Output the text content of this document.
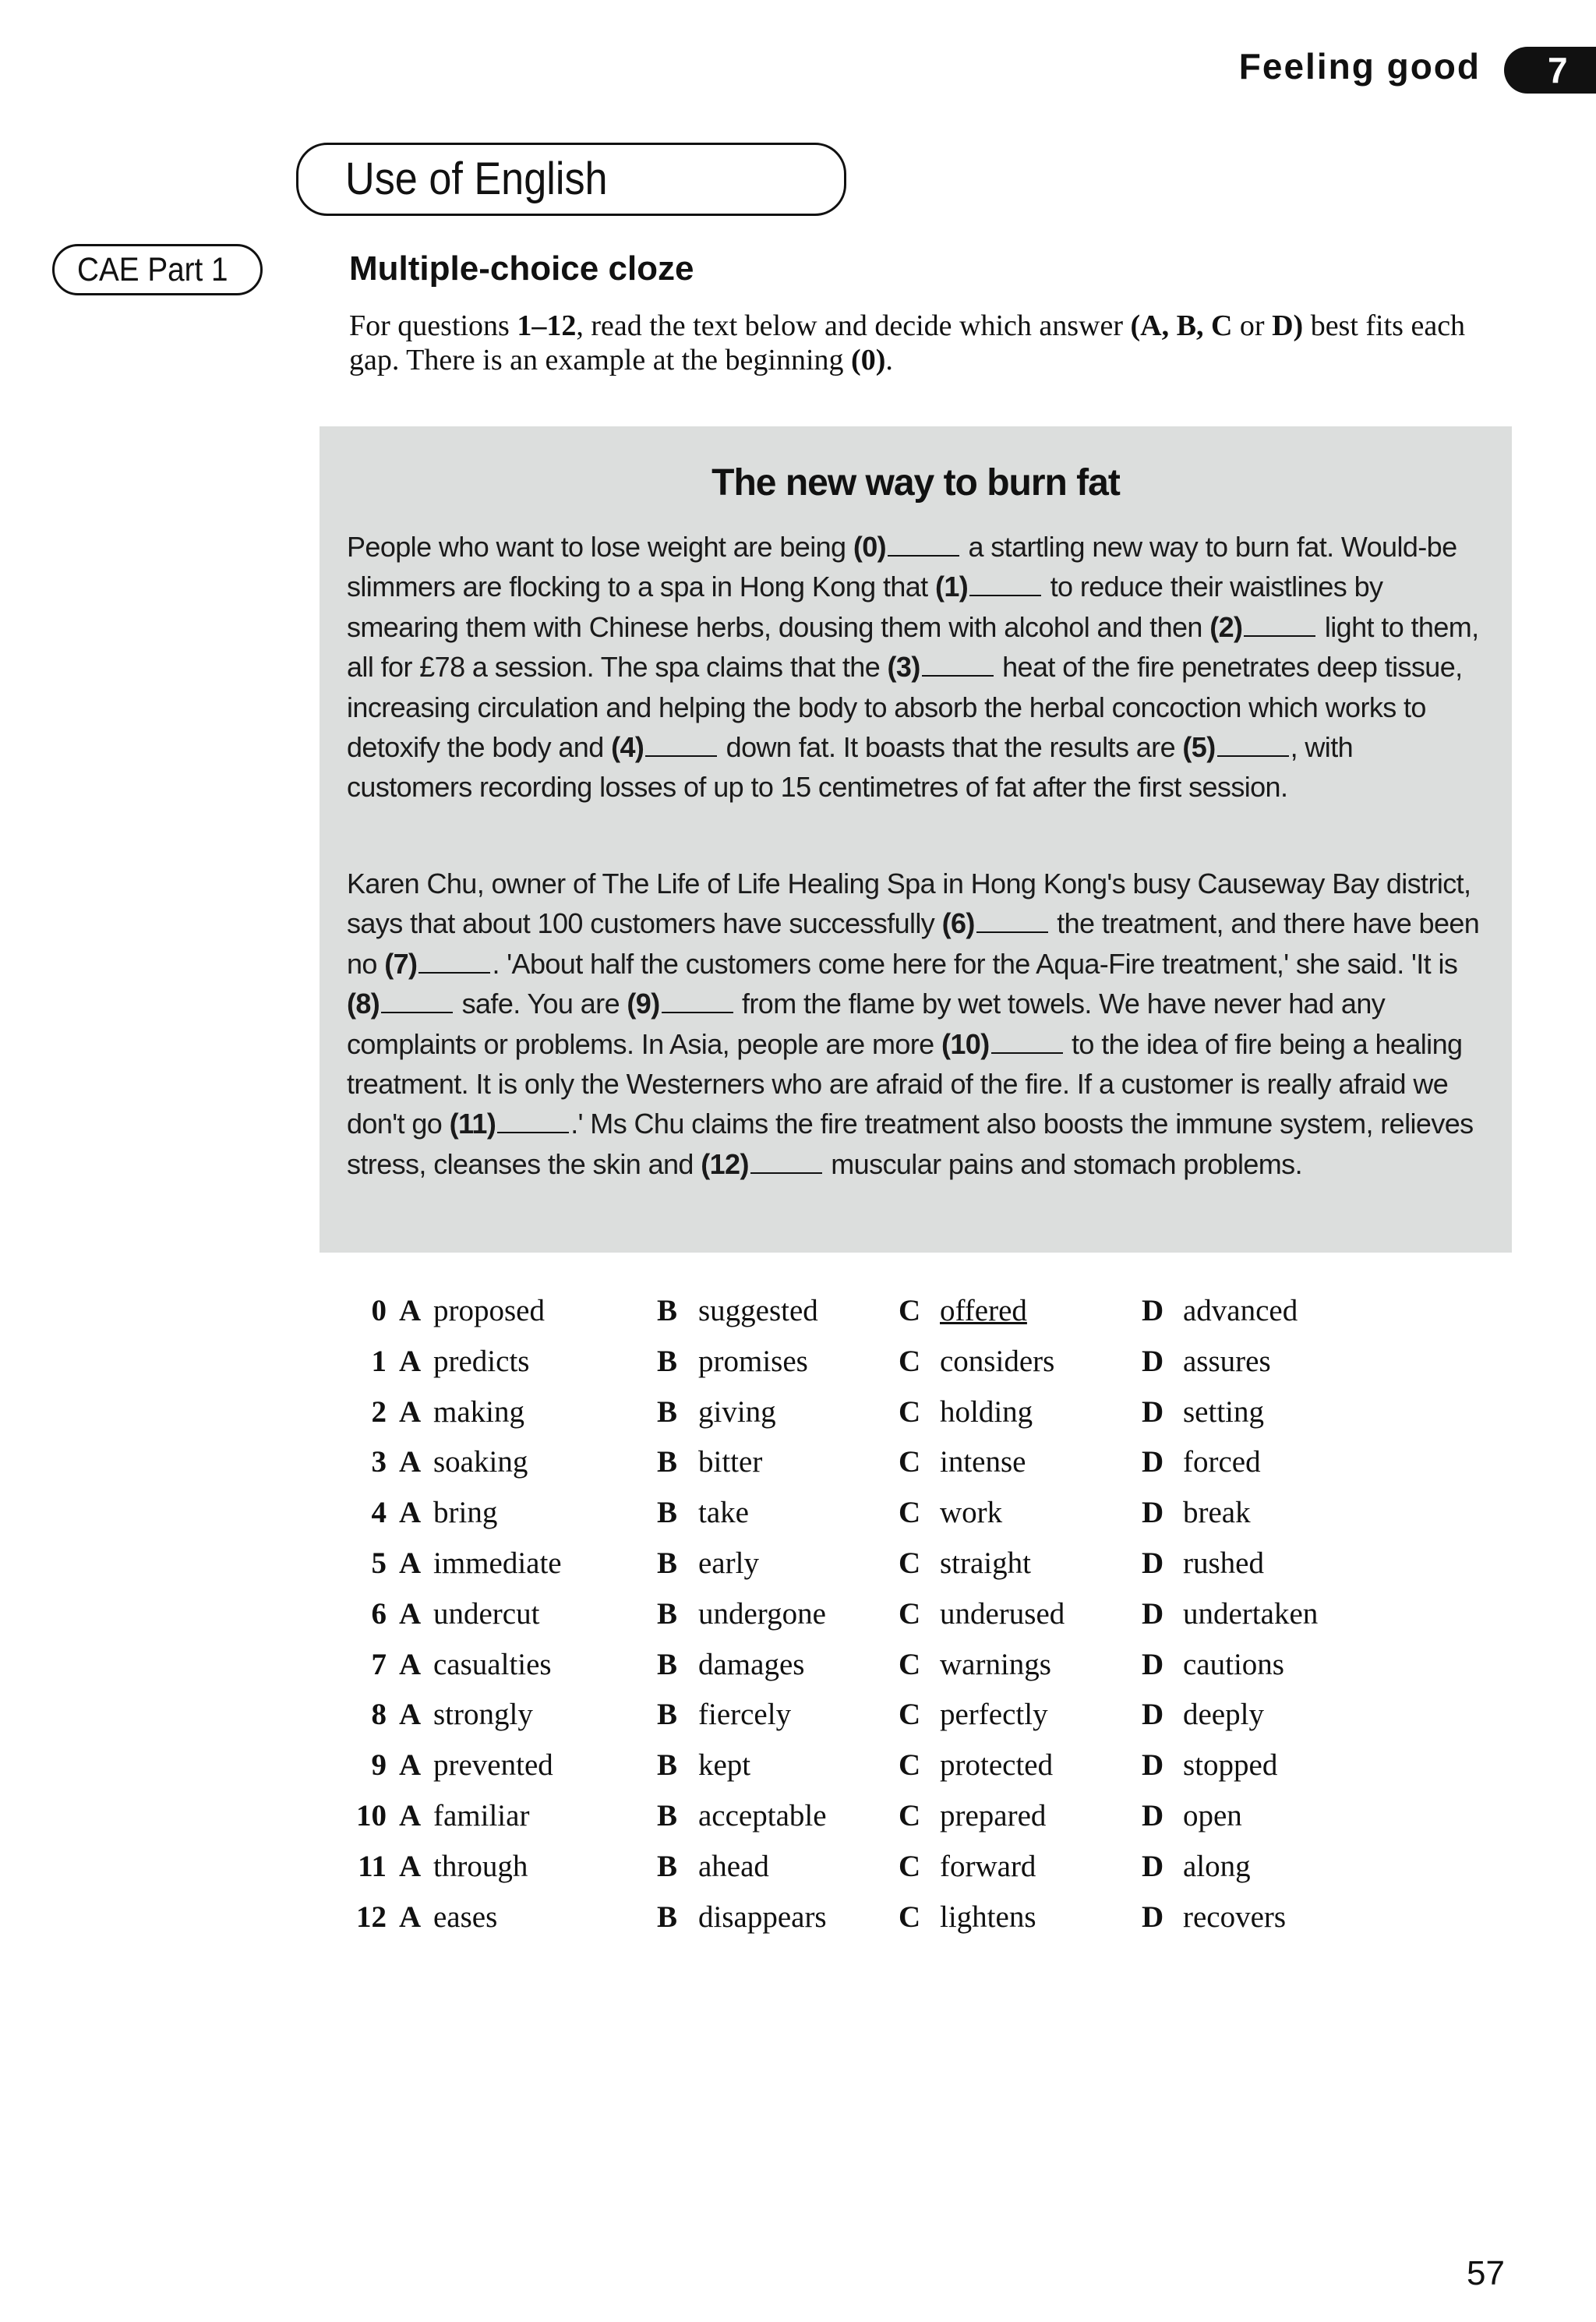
Feeling good 7
Use of English
CAE Part 1	Multiple-choice cloze
For questions 1–12, read the text below and decide which answer (A, B, C or D) best fits each gap. There is an example at the beginning (0).
The new way to burn fat
People who want to lose weight are being (0)	a startling new way to burn fat. Would-be slimmers are flocking to a spa in Hong Kong that (1)	to reduce their waistlines by smearing them with Chinese herbs, dousing them with alcohol and then (2)	light to them, all for £78 a session. The spa claims that the (3)	heat of the fire penetrates deep tissue, increasing circulation and helping the body to absorb the herbal concoction which works to detoxify the body and (4)	down fat. It boasts that the results are (5)	, with customers recording losses of up to 15 centimetres of fat after the first session.
Karen Chu, owner of The Life of Life Healing Spa in Hong Kong's busy Causeway Bay district, says that about 100 customers have successfully (6)	the treatment, and there have been no (7)	. 'About half the customers come here for the Aqua-Fire treatment,' she said. 'It is (8)	safe. You are (9)	from the flame by wet towels. We have never had any complaints or problems. In Asia, people are more (10)	to the idea of fire being a healing treatment. It is only the Westerners who are afraid of the fire. If a customer is really afraid we don't go (11)	.' Ms Chu claims the fire treatment also boosts the immune system, relieves stress, cleanses the skin and (12)	muscular pains and stomach problems.
0 A proposed	B suggested	C offered	D advanced
1 A predicts	B promises	C considers	D assures
2 A making	B giving	C holding	D setting
3 A soaking	B bitter	C intense	D forced
4 A bring	B take	C work	D break
5 A immediate	B early	C straight	D rushed
6 A undercut	B undergone C underused	D undertaken
7 A casualties	B damages	C warnings	D cautions
8 A strongly	B fiercely	C perfectly	D deeply
9 A prevented	B kept	C protected	D stopped
10 A familiar	B acceptable C prepared	D open
11 A through	B ahead	C forward	D along
12 A eases	B disappears C lightens	D recovers
57
